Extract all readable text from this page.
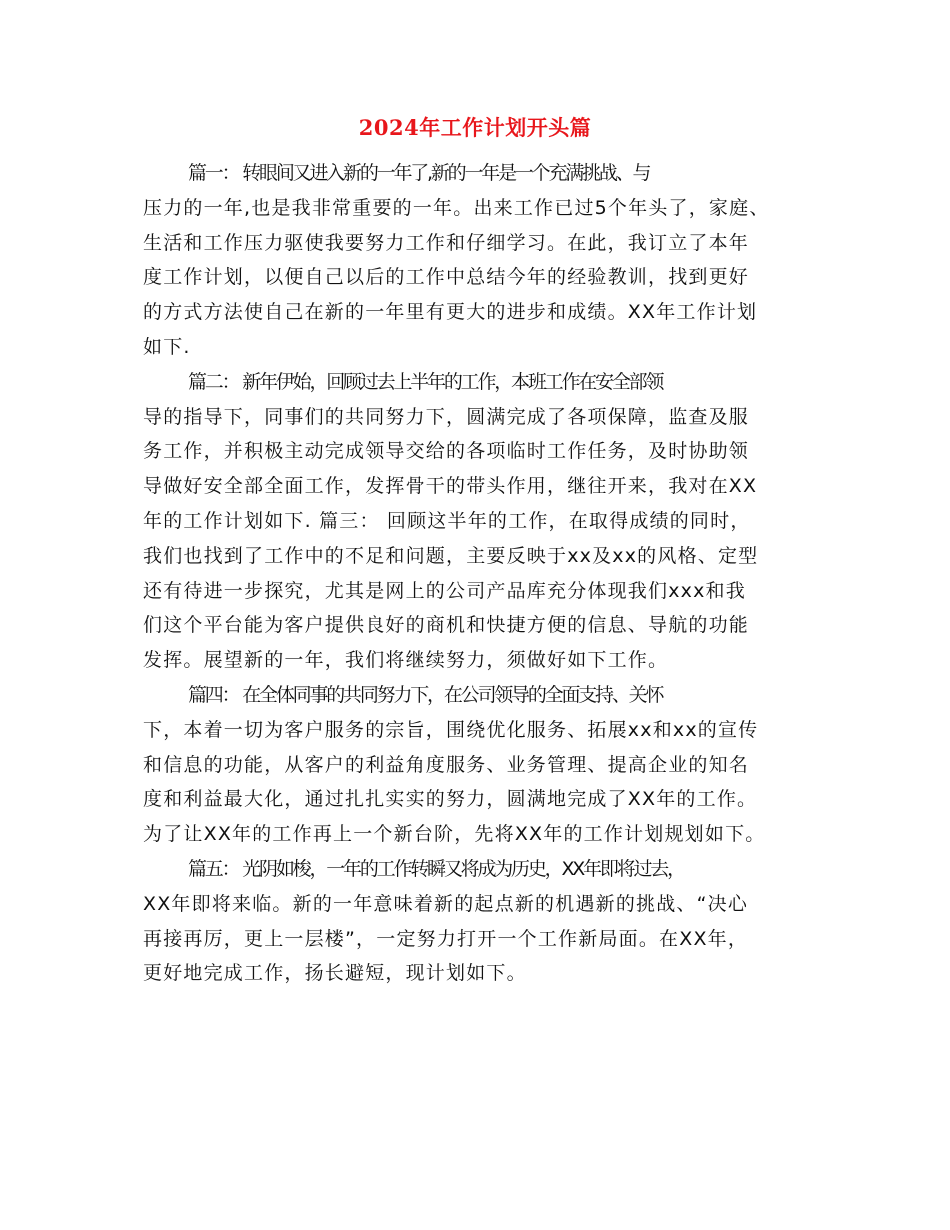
2024年工作计划开头篇
篇一： 转眼间又进入新的一年了,新的一年是一个充满挑战、与
压力的一年,也是我非常重要的一年。出来工作已过5个年头了，家庭、
生活和工作压力驱使我要努力工作和仔细学习。在此，我订立了本年
度工作计划，以便自己以后的工作中总结今年的经验教训，找到更好
的方式方法使自己在新的一年里有更大的进步和成绩。XX年工作计划
如下.
篇二： 新年伊始，回顾过去上半年的工作，本班工作在安全部领
导的指导下，同事们的共同努力下，圆满完成了各项保障，监查及服
务工作，并积极主动完成领导交给的各项临时工作任务，及时协助领
导做好安全部全面工作，发挥骨干的带头作用，继往开来，我对在XX
年的工作计划如下. 篇三： 回顾这半年的工作，在取得成绩的同时，
我们也找到了工作中的不足和问题，主要反映于xx及xx的风格、定型
还有待进一步探究，尤其是网上的公司产品库充分体现我们xxx和我
们这个平台能为客户提供良好的商机和快捷方便的信息、导航的功能
发挥。展望新的一年，我们将继续努力，须做好如下工作。
篇四： 在全体同事的共同努力下，在公司领导的全面支持、关怀
下，本着一切为客户服务的宗旨，围绕优化服务、拓展xx和xx的宣传
和信息的功能，从客户的利益角度服务、业务管理、提高企业的知名
度和利益最大化，通过扎扎实实的努力，圆满地完成了XX年的工作。
为了让XX年的工作再上一个新台阶，先将XX年的工作计划规划如下。
篇五： 光阴如梭，一年的工作转瞬又将成为历史，XX年即将过去，
XX年即将来临。新的一年意味着新的起点新的机遇新的挑战、“决心
再接再厉，更上一层楼”，一定努力打开一个工作新局面。在XX年，
更好地完成工作，扬长避短，现计划如下。
